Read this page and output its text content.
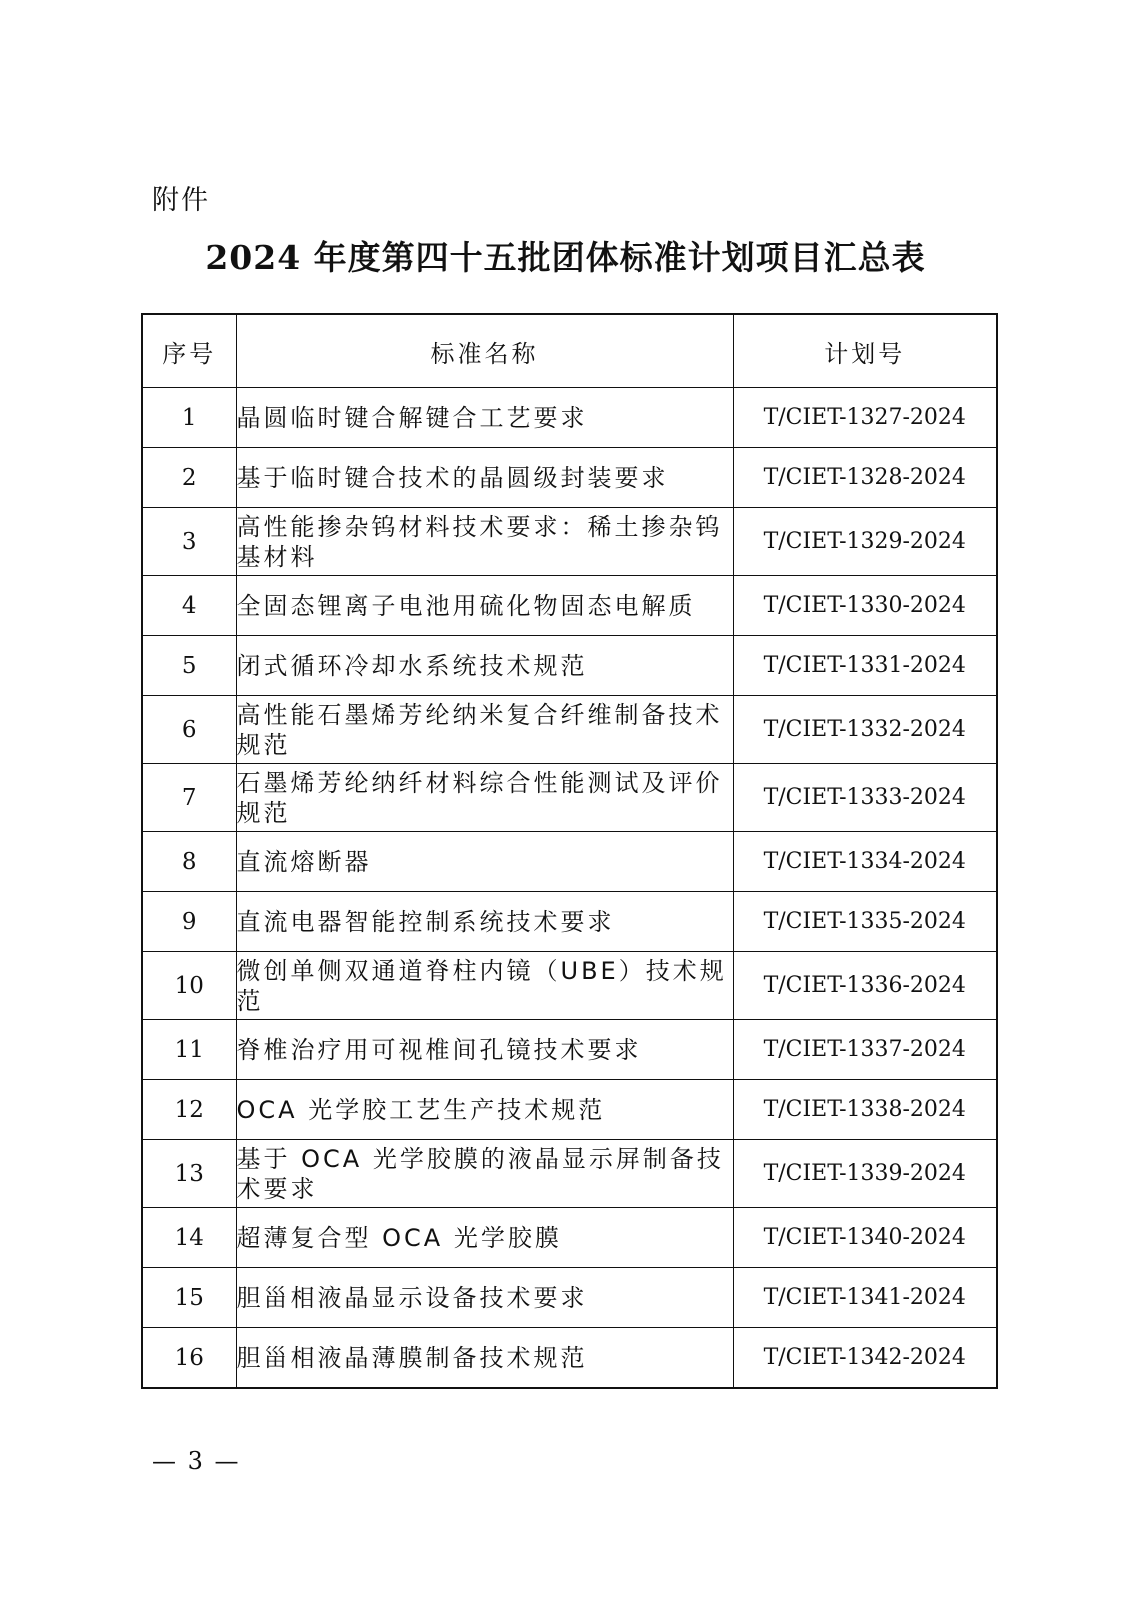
附件
2024 年度第四十五批团体标准计划项目汇总表
序号	标准名称	计划号
1	晶圆临时键合解键合工艺要求	T/CIET-1327-2024
2	基于临时键合技术的晶圆级封装要求	T/CIET-1328-2024
3	高性能掺杂钨材料技术要求：稀土掺杂钨基材料	T/CIET-1329-2024
4	全固态锂离子电池用硫化物固态电解质	T/CIET-1330-2024
5	闭式循环冷却水系统技术规范	T/CIET-1331-2024
6	高性能石墨烯芳纶纳米复合纤维制备技术规范	T/CIET-1332-2024
7	石墨烯芳纶纳纤材料综合性能测试及评价规范	T/CIET-1333-2024
8	直流熔断器	T/CIET-1334-2024
9	直流电器智能控制系统技术要求	T/CIET-1335-2024
10	微创单侧双通道脊柱内镜（UBE）技术规范	T/CIET-1336-2024
11	脊椎治疗用可视椎间孔镜技术要求	T/CIET-1337-2024
12	OCA 光学胶工艺生产技术规范	T/CIET-1338-2024
13	基于 OCA 光学胶膜的液晶显示屏制备技术要求	T/CIET-1339-2024
14	超薄复合型 OCA 光学胶膜	T/CIET-1340-2024
15	胆甾相液晶显示设备技术要求	T/CIET-1341-2024
16	胆甾相液晶薄膜制备技术规范	T/CIET-1342-2024
— 3 —
